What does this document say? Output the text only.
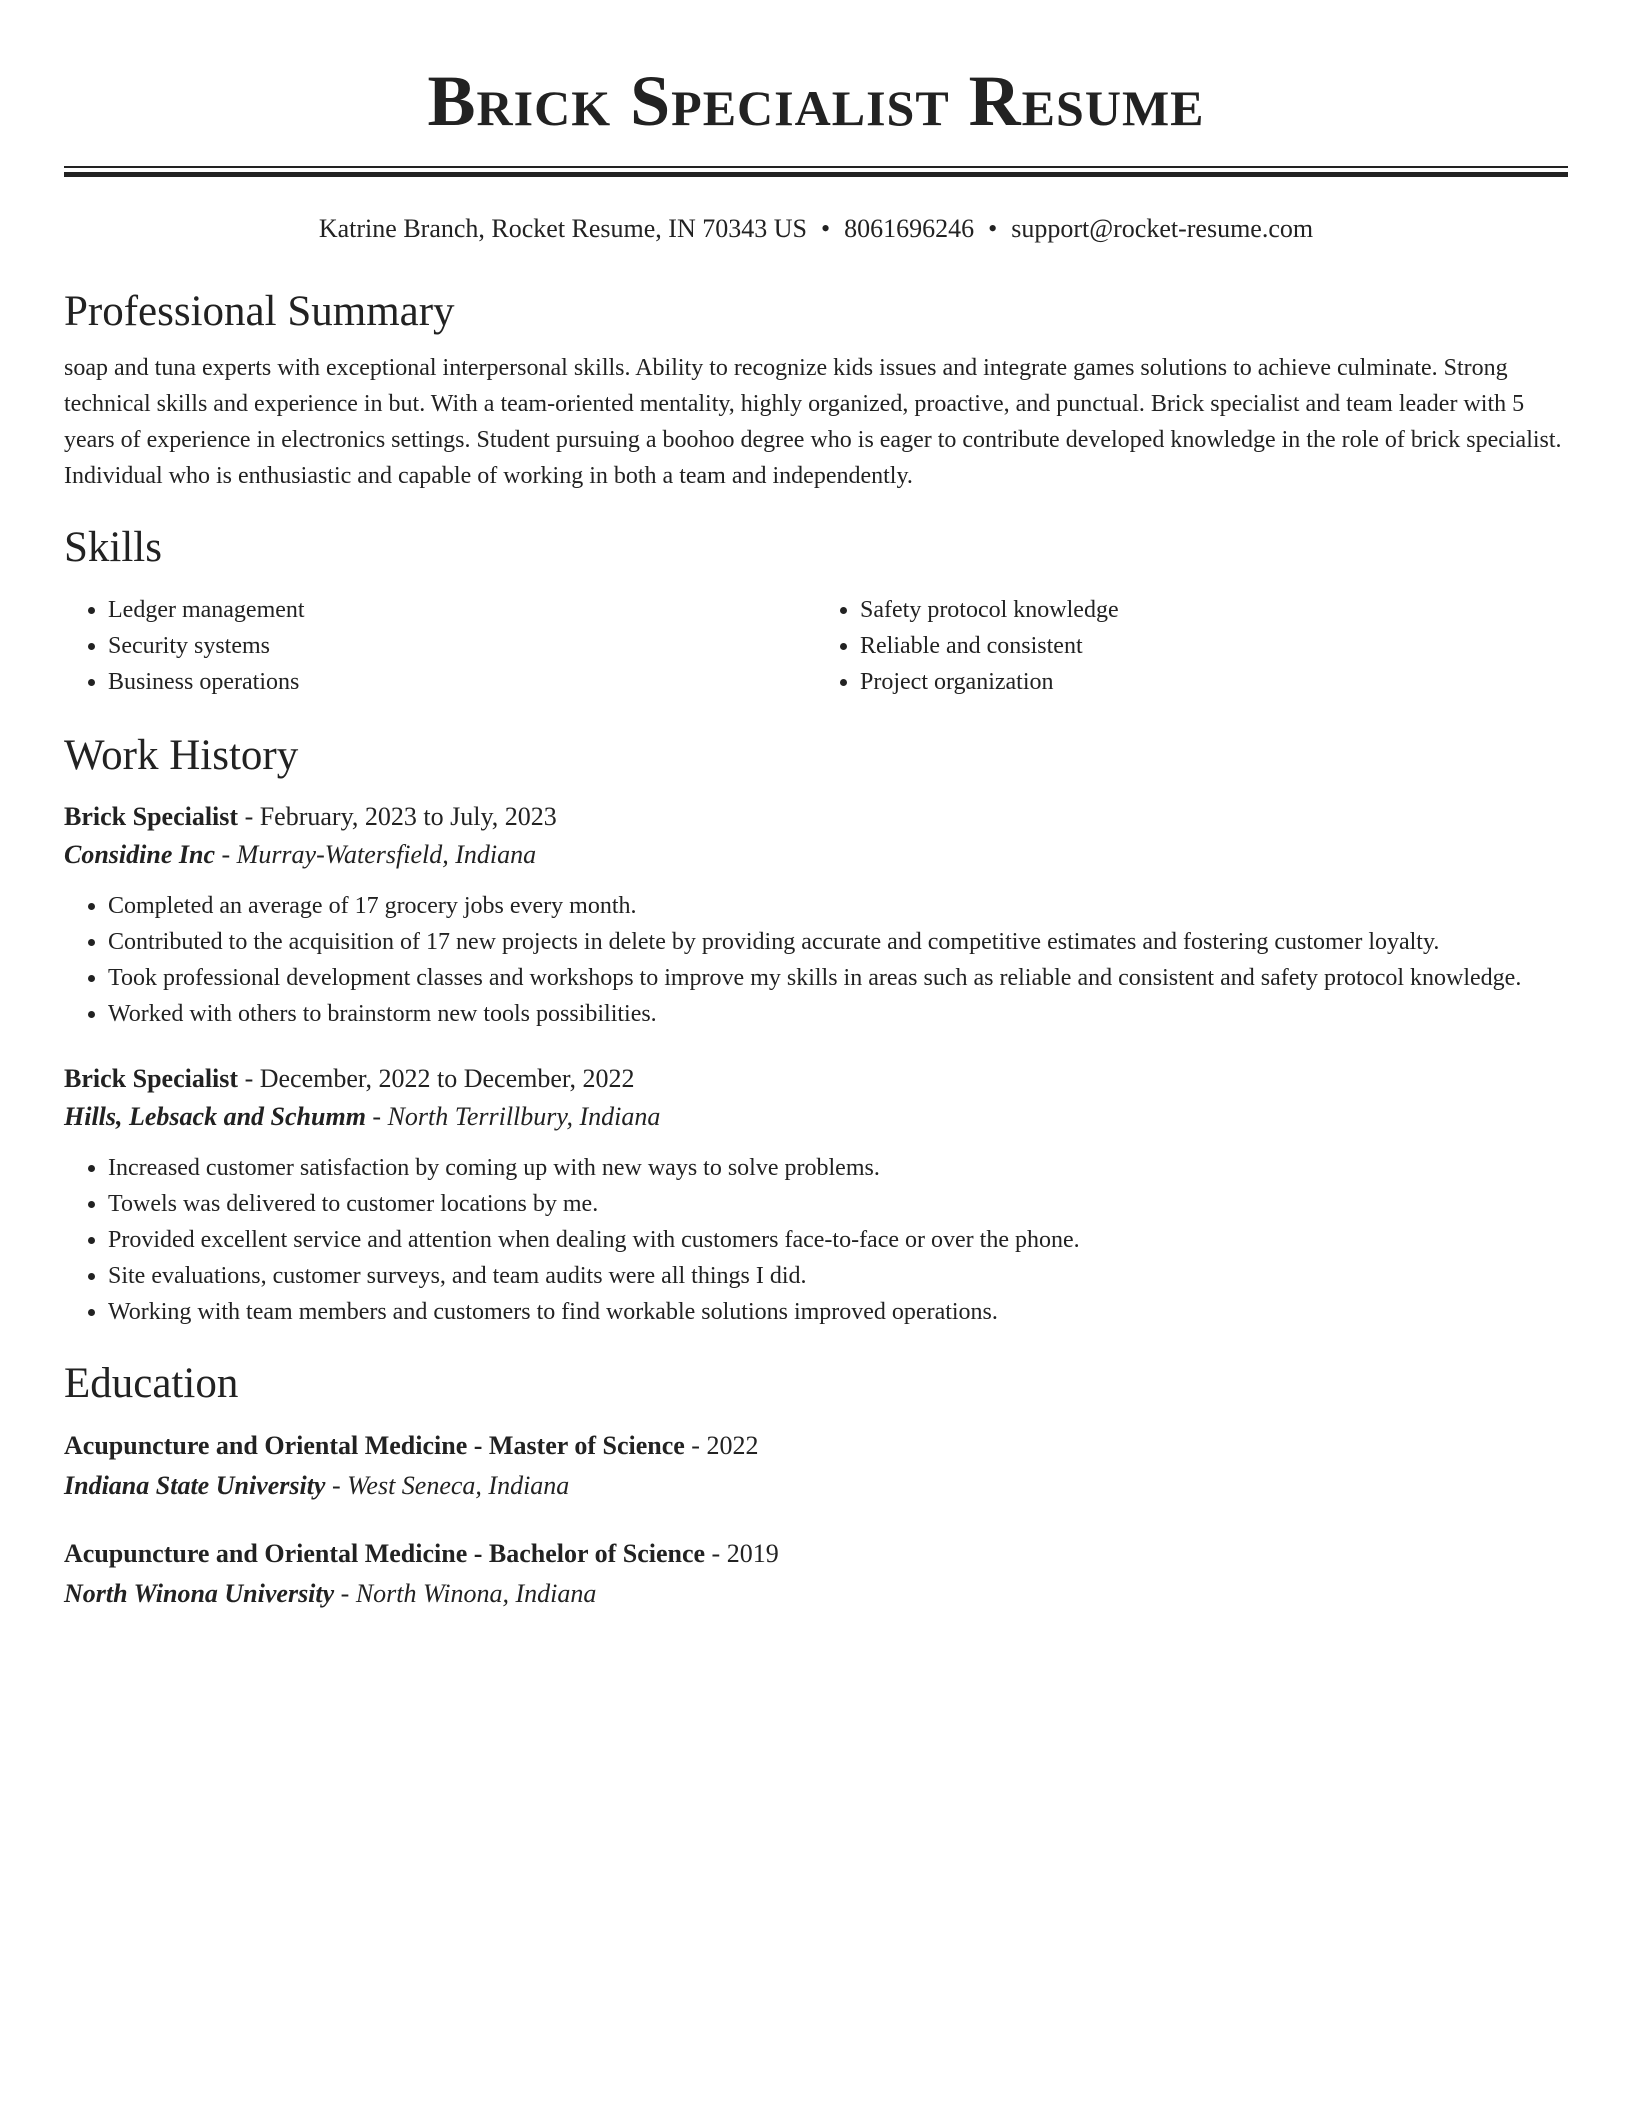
Brick Specialist Resume
Katrine Branch, Rocket Resume, IN 70343 US • 8061696246 • support@rocket-resume.com
Professional Summary

soap and tuna experts with exceptional interpersonal skills. Ability to recognize kids issues and integrate games solutions to achieve culminate. Strong technical skills and experience in but. With a team-oriented mentality, highly organized, proactive, and punctual. Brick specialist and team leader with 5 years of experience in electronics settings. Student pursuing a boohoo degree who is eager to contribute developed knowledge in the role of brick specialist. Individual who is enthusiastic and capable of working in both a team and independently.

Skills
• Ledger management
• Security systems
• Business operations
• Safety protocol knowledge
• Reliable and consistent
• Project organization
Work History
Brick Specialist - February, 2023 to July, 2023
Considine Inc - Murray-Watersfield, Indiana
• Completed an average of 17 grocery jobs every month.
• Contributed to the acquisition of 17 new projects in delete by providing accurate and competitive estimates and fostering customer loyalty.
• Took professional development classes and workshops to improve my skills in areas such as reliable and consistent and safety protocol knowledge.
• Worked with others to brainstorm new tools possibilities.
Brick Specialist - December, 2022 to December, 2022
Hills, Lebsack and Schumm - North Terrillbury, Indiana
• Increased customer satisfaction by coming up with new ways to solve problems.
• Towels was delivered to customer locations by me.
• Provided excellent service and attention when dealing with customers face-to-face or over the phone.
• Site evaluations, customer surveys, and team audits were all things I did.
• Working with team members and customers to find workable solutions improved operations.
Education
Acupuncture and Oriental Medicine - Master of Science - 2022
Indiana State University - West Seneca, Indiana
Acupuncture and Oriental Medicine - Bachelor of Science - 2019
North Winona University - North Winona, Indiana
